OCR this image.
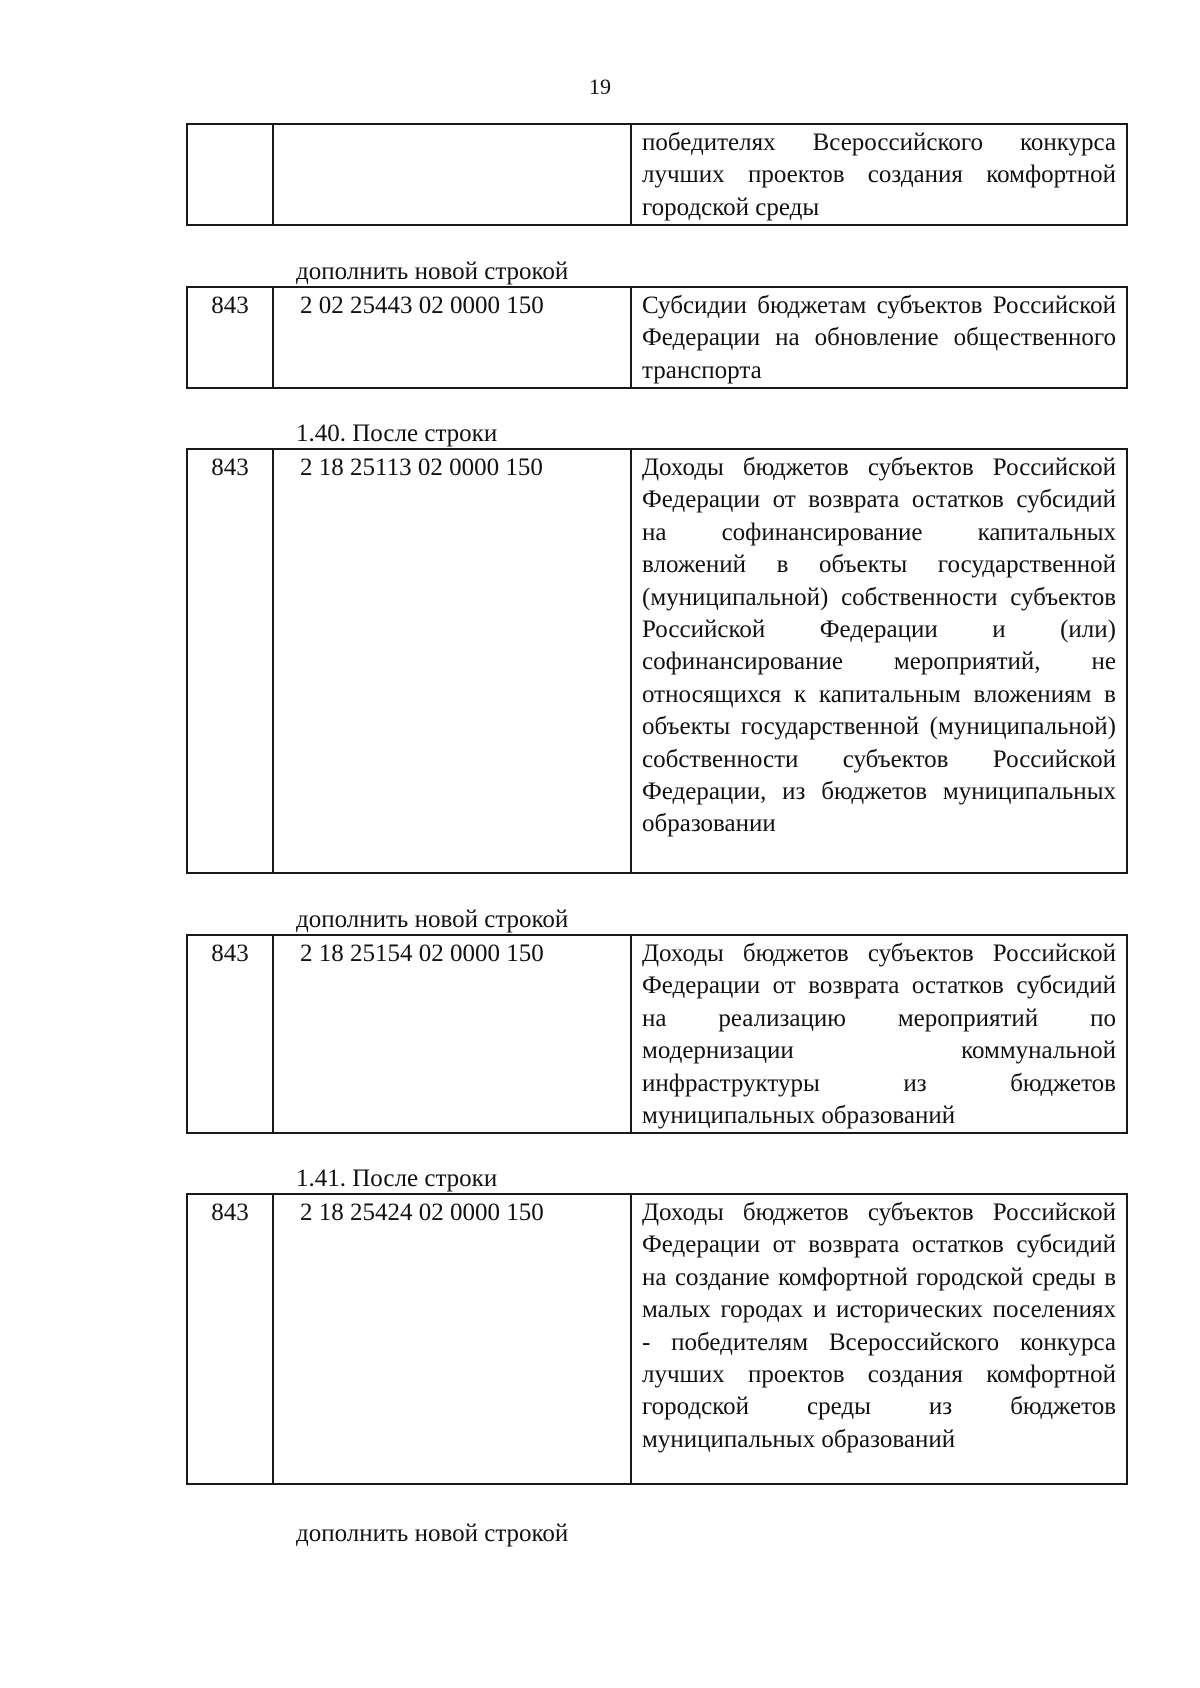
19
		победителях Всероссийского конкурса лучших проектов создания комфортной городской среды
дополнить новой строкой
843	2 02 25443 02 0000 150	Субсидии бюджетам субъектов Российской Федерации на обновление общественного транспорта
1.40. После строки
843	2 18 25113 02 0000 150	Доходы бюджетов субъектов Российской Федерации от возврата остатков субсидий на софинансирование капитальных вложений в объекты государственной (муниципальной) собственности субъектов Российской Федерации и (или) софинансирование мероприятий, не относящихся к капитальным вложениям в объекты государственной (муниципальной) собственности субъектов Российской Федерации, из бюджетов муниципальных образовании
дополнить новой строкой
843	2 18 25154 02 0000 150	Доходы бюджетов субъектов Российской Федерации от возврата остатков субсидий на реализацию мероприятий по модернизации коммунальной инфраструктуры из бюджетов муниципальных образований
1.41. После строки
843	2 18 25424 02 0000 150	Доходы бюджетов субъектов Российской Федерации от возврата остатков субсидий на создание комфортной городской среды в малых городах и исторических поселениях - победителям Всероссийского конкурса лучших проектов создания комфортной городской среды из бюджетов муниципальных образований
дополнить новой строкой
